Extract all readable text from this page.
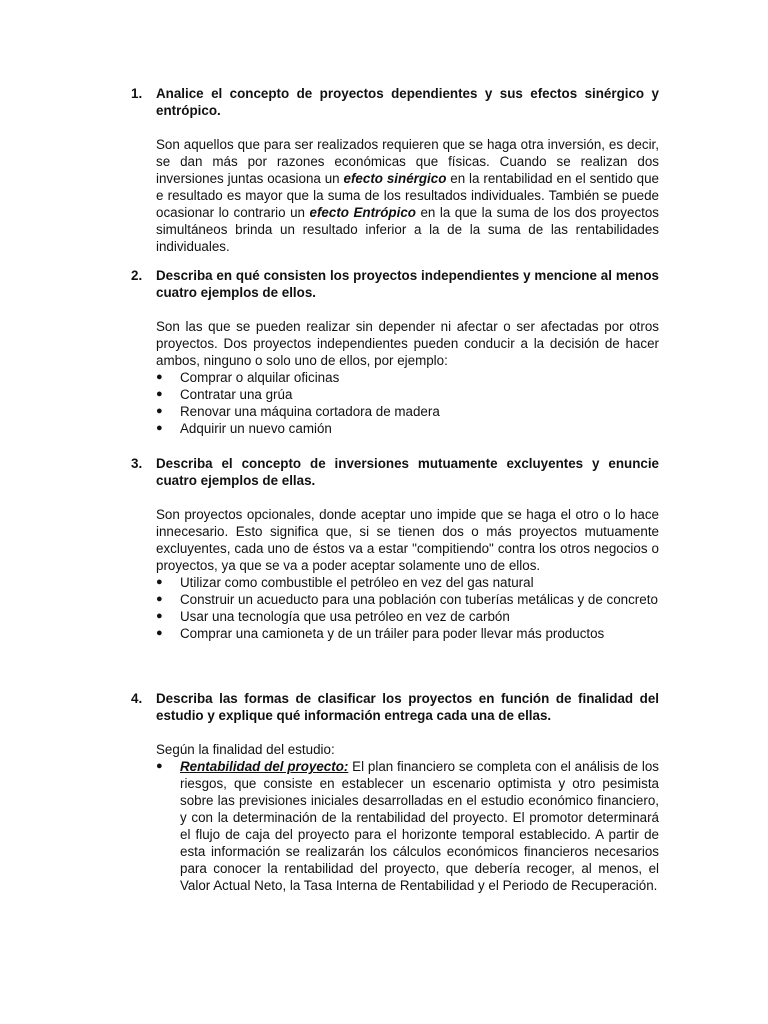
1.	Analice el concepto de proyectos dependientes y sus efectos sinérgico y entrópico.
Son aquellos que para ser realizados requieren que se haga otra inversión, es decir, se dan más por razones económicas que físicas. Cuando se realizan dos inversiones juntas ocasiona un efecto sinérgico en la rentabilidad en el sentido que e resultado es mayor que la suma de los resultados individuales. También se puede ocasionar lo contrario un efecto Entrópico en la que la suma de los dos proyectos simultáneos brinda un resultado inferior a la de la suma de las rentabilidades individuales.
2.	Describa en qué consisten los proyectos independientes y mencione al menos cuatro ejemplos de ellos.
Son las que se pueden realizar sin depender ni afectar o ser afectadas por otros proyectos. Dos proyectos independientes pueden conducir a la decisión de hacer ambos, ninguno o solo uno de ellos, por ejemplo:
●	Comprar o alquilar oficinas
●	Contratar una grúa
●	Renovar una máquina cortadora de madera
●	Adquirir un nuevo camión
3.	Describa el concepto de inversiones mutuamente excluyentes y enuncie cuatro ejemplos de ellas.
Son proyectos opcionales, donde aceptar uno impide que se haga el otro o lo hace innecesario. Esto significa que, si se tienen dos o más proyectos mutuamente excluyentes, cada uno de éstos va a estar "compitiendo" contra los otros negocios o proyectos, ya que se va a poder aceptar solamente uno de ellos.
●	Utilizar como combustible el petróleo en vez del gas natural
●	Construir un acueducto para una población con tuberías metálicas y de concreto
●	Usar una tecnología que usa petróleo en vez de carbón
●	Comprar una camioneta y de un tráiler para poder llevar más productos
4.	Describa las formas de clasificar los proyectos en función de finalidad del estudio y explique qué información entrega cada una de ellas.
Según la finalidad del estudio:
●	Rentabilidad del proyecto: El plan financiero se completa con el análisis de los riesgos, que consiste en establecer un escenario optimista y otro pesimista sobre las previsiones iniciales desarrolladas en el estudio económico financiero, y con la determinación de la rentabilidad del proyecto. El promotor determinará el flujo de caja del proyecto para el horizonte temporal establecido. A partir de esta información se realizarán los cálculos económicos financieros necesarios para conocer la rentabilidad del proyecto, que debería recoger, al menos, el Valor Actual Neto, la Tasa Interna de Rentabilidad y el Periodo de Recuperación.
